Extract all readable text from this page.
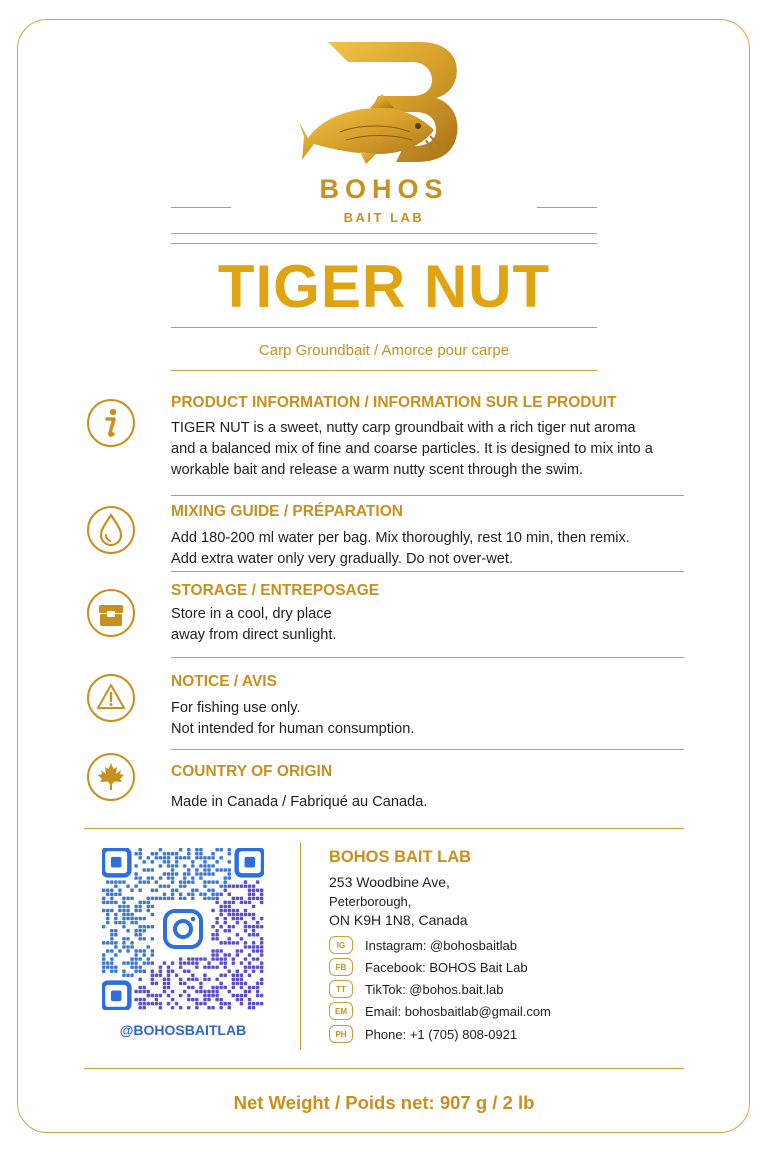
BOHOS
BAIT LAB
TIGER NUT
Carp Groundbait / Amorce pour carpe
PRODUCT INFORMATION / INFORMATION SUR LE PRODUIT
TIGER NUT is a sweet, nutty carp groundbait with a rich tiger nut aroma
and a balanced mix of fine and coarse particles. It is designed to mix into a
workable bait and release a warm nutty scent through the swim.
MIXING GUIDE / PRÉPARATION
Add 180-200 ml water per bag. Mix thoroughly, rest 10 min, then remix.
Add extra water only very gradually. Do not over-wet.
STORAGE / ENTREPOSAGE
Store in a cool, dry place
away from direct sunlight.
NOTICE / AVIS
For fishing use only.
Not intended for human consumption.
COUNTRY OF ORIGIN
Made in Canada / Fabriqué au Canada.
@BOHOSBAITLAB
BOHOS BAIT LAB
253 Woodbine Ave,
Peterborough,
ON K9H 1N8, Canada
IG	Instagram: @bohosbaitlab
FB	Facebook: BOHOS Bait Lab
TT	TikTok: @bohos.bait.lab
EM	Email: bohosbaitlab@gmail.com
PH	Phone: +1 (705) 808-0921
Net Weight / Poids net: 907 g / 2 lb
